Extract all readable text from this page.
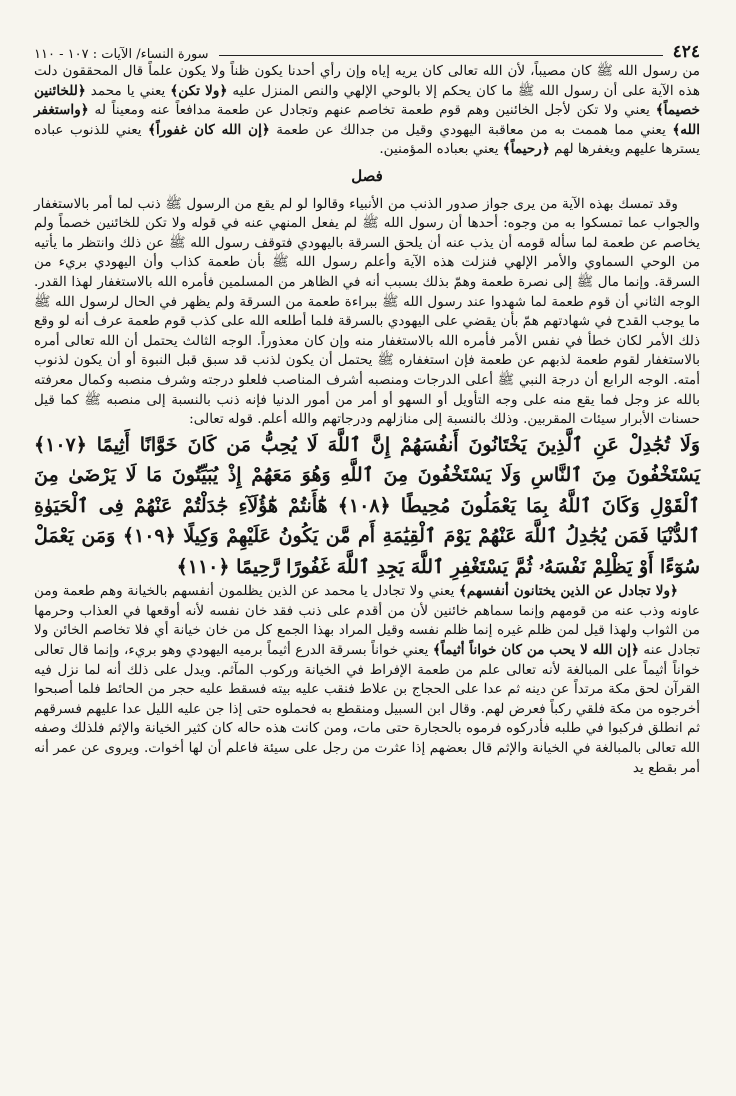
٤٢٤
سورة النساء/ الآيات : ١٠٧ - ١١٠

من رسول الله ﷺ كان مصيباً، لأن الله تعالى كان يريه إياه وإن رأي أحدنا يكون ظناً ولا يكون علماً قال المحققون دلت هذه الآية على أن رسول الله ﷺ ما كان يحكم إلا بالوحي الإلهي والنص المنزل عليه ﴿ولا تكن﴾ يعني يا محمد ﴿للخائنين خصيماً﴾ يعني ولا تكن لأجل الخائنين وهم قوم طعمة تخاصم عنهم وتجادل عن طعمة مدافعاً عنه ومعيناً له ﴿واستغفر الله﴾ يعني مما هممت به من معاقبة اليهودي وقيل من جدالك عن طعمة ﴿إن الله كان غفوراً﴾ يعني للذنوب عباده يسترها عليهم ويغفرها لهم ﴿رحيماً﴾ يعني بعباده المؤمنين.

فصل

وقد تمسك بهذه الآية من يرى جواز صدور الذنب من الأنبياء وقالوا لو لم يقع من الرسول ﷺ ذنب لما أمر بالاستغفار والجواب عما تمسكوا به من وجوه: أحدها أن رسول الله ﷺ لم يفعل المنهي عنه في قوله ولا تكن للخائنين خصماً ولم يخاصم عن طعمة لما سأله قومه أن يذب عنه أن يلحق السرقة باليهودي فتوقف رسول الله ﷺ عن ذلك وانتظر ما يأتيه من الوحي السماوي والأمر الإلهي فنزلت هذه الآية وأعلم رسول الله ﷺ بأن طعمة كذاب وأن اليهودي بريء من السرقة. وإنما مال ﷺ إلى نصرة طعمة وهمّ بذلك بسبب أنه في الظاهر من المسلمين فأمره الله بالاستغفار لهذا القدر. الوجه الثاني أن قوم طعمة لما شهدوا عند رسول الله ﷺ ببراءة طعمة من السرقة ولم يظهر في الحال لرسول الله ﷺ ما يوجب القدح في شهادتهم همّ بأن يقضي على اليهودي بالسرقة فلما أطلعه الله على كذب قوم طعمة عرف أنه لو وقع ذلك الأمر لكان خطأ في نفس الأمر فأمره الله بالاستغفار منه وإن كان معذوراً. الوجه الثالث يحتمل أن الله تعالى أمره بالاستغفار لقوم طعمة لذبهم عن طعمة فإن استغفاره ﷺ يحتمل أن يكون لذنب قد سبق قبل النبوة أو أن يكون لذنوب أمته. الوجه الرابع أن درجة النبي ﷺ أعلى الدرجات ومنصبه أشرف المناصب فلعلو درجته وشرف منصبه وكمال معرفته بالله عز وجل فما يقع منه على وجه التأويل أو السهو أو أمر من أمور الدنيا فإنه ذنب بالنسبة إلى منصبه ﷺ كما قيل حسنات الأبرار سيئات المقربين. وذلك بالنسبة إلى منازلهم ودرجاتهم والله أعلم. قوله تعالى:

وَلَا تُجَٰدِلْ عَنِ ٱلَّذِينَ يَخْتَانُونَ أَنفُسَهُمْ إِنَّ ٱللَّهَ لَا يُحِبُّ مَن كَانَ خَوَّانًا أَثِيمًا ﴿١٠٧﴾ يَسْتَخْفُونَ مِنَ ٱلنَّاسِ وَلَا يَسْتَخْفُونَ مِنَ ٱللَّهِ وَهُوَ مَعَهُمْ إِذْ يُبَيِّتُونَ مَا لَا يَرْضَىٰ مِنَ ٱلْقَوْلِ وَكَانَ ٱللَّهُ بِمَا يَعْمَلُونَ مُحِيطًا ﴿١٠٨﴾ هَٰٓأَنتُمْ هَٰٓؤُلَآءِ جَٰدَلْتُمْ عَنْهُمْ فِى ٱلْحَيَوٰةِ ٱلدُّنْيَا فَمَن يُجَٰدِلُ ٱللَّهَ عَنْهُمْ يَوْمَ ٱلْقِيَٰمَةِ أَم مَّن يَكُونُ عَلَيْهِمْ وَكِيلًا ﴿١٠٩﴾ وَمَن يَعْمَلْ سُوٓءًا أَوْ يَظْلِمْ نَفْسَهُۥ ثُمَّ يَسْتَغْفِرِ ٱللَّهَ يَجِدِ ٱللَّهَ غَفُورًا رَّحِيمًا ﴿١١٠﴾

﴿ولا تجادل عن الذين يختانون أنفسهم﴾ يعني ولا تجادل يا محمد عن الذين يظلمون أنفسهم بالخيانة وهم طعمة ومن عاونه وذب عنه من قومهم وإنما سماهم خائنين لأن من أقدم على ذنب فقد خان نفسه لأنه أوقعها في العذاب وحرمها من الثواب ولهذا قيل لمن ظلم غيره إنما ظلم نفسه وقيل المراد بهذا الجمع كل من خان خيانة أي فلا تخاصم الخائن ولا تجادل عنه ﴿إن الله لا يحب من كان خواناً أثيماً﴾ يعني خواناً بسرقة الدرع أثيماً برميه اليهودي وهو بريء، وإنما قال تعالى خواناً أثيماً على المبالغة لأنه تعالى علم من طعمة الإفراط في الخيانة وركوب المآثم. ويدل على ذلك أنه لما نزل فيه القرآن لحق مكة مرتداً عن دينه ثم عدا على الحجاج بن علاط فنقب عليه بيته فسقط عليه حجر من الحائط فلما أصبحوا أخرجوه من مكة فلقي ركباً فعرض لهم. وقال ابن السبيل ومنقطع به فحملوه حتى إذا جن عليه الليل عدا عليهم فسرقهم ثم انطلق فركبوا في طلبه فأدركوه فرموه بالحجارة حتى مات، ومن كانت هذه حاله كان كثير الخيانة والإثم فلذلك وصفه الله تعالى بالمبالغة في الخيانة والإثم قال بعضهم إذا عثرت من رجل على سيئة فاعلم أن لها أخوات. ويروى عن عمر أنه أمر بقطع يد
